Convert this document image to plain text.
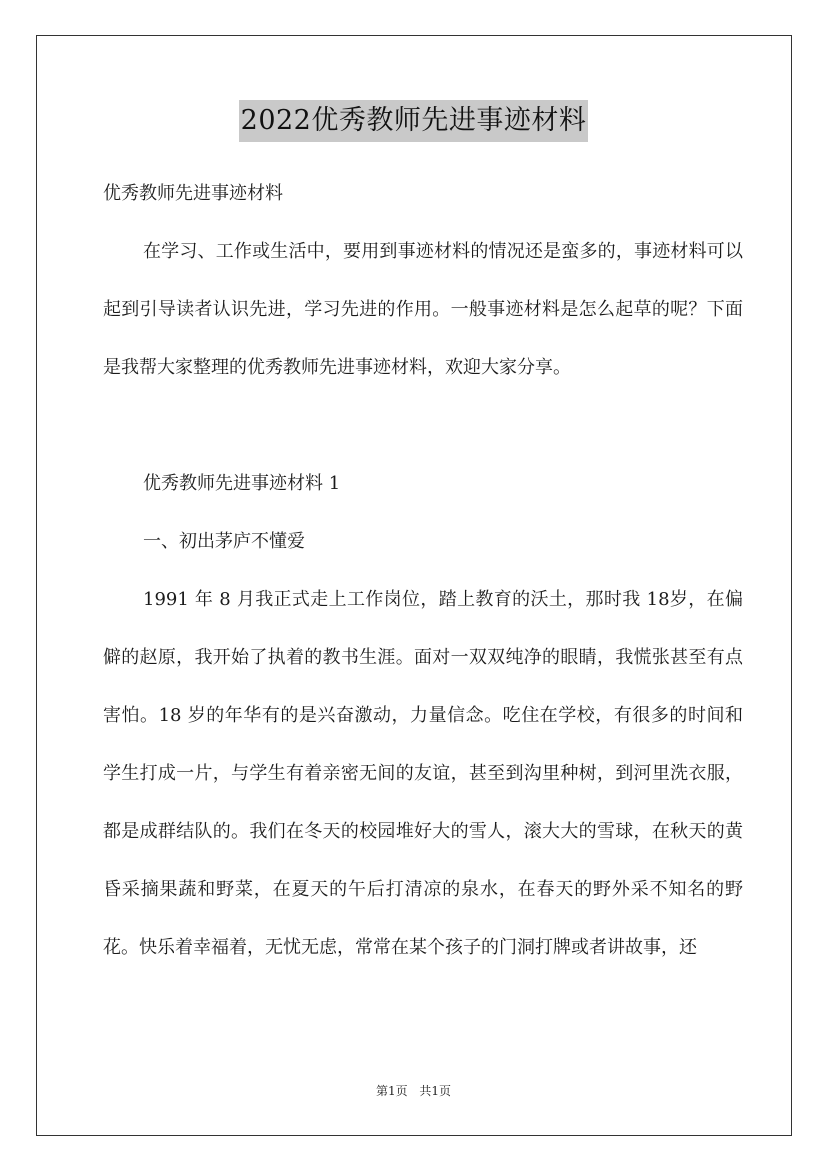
2022优秀教师先进事迹材料

优秀教师先进事迹材料

在学习、工作或生活中，要用到事迹材料的情况还是蛮多的，事迹材料可以起到引导读者认识先进，学习先进的作用。一般事迹材料是怎么起草的呢？下面是我帮大家整理的优秀教师先进事迹材料，欢迎大家分享。

优秀教师先进事迹材料 1

一、初出茅庐不懂爱

1991 年 8 月我正式走上工作岗位，踏上教育的沃土，那时我 18岁，在偏僻的赵原，我开始了执着的教书生涯。面对一双双纯净的眼睛，我慌张甚至有点害怕。18 岁的年华有的是兴奋激动，力量信念。吃住在学校，有很多的时间和学生打成一片，与学生有着亲密无间的友谊，甚至到沟里种树，到河里洗衣服，都是成群结队的。我们在冬天的校园堆好大的雪人，滚大大的雪球，在秋天的黄昏采摘果蔬和野菜，在夏天的午后打清凉的泉水，在春天的野外采不知名的野花。快乐着幸福着，无忧无虑，常常在某个孩子的门洞打牌或者讲故事，还

第1页 共1页
